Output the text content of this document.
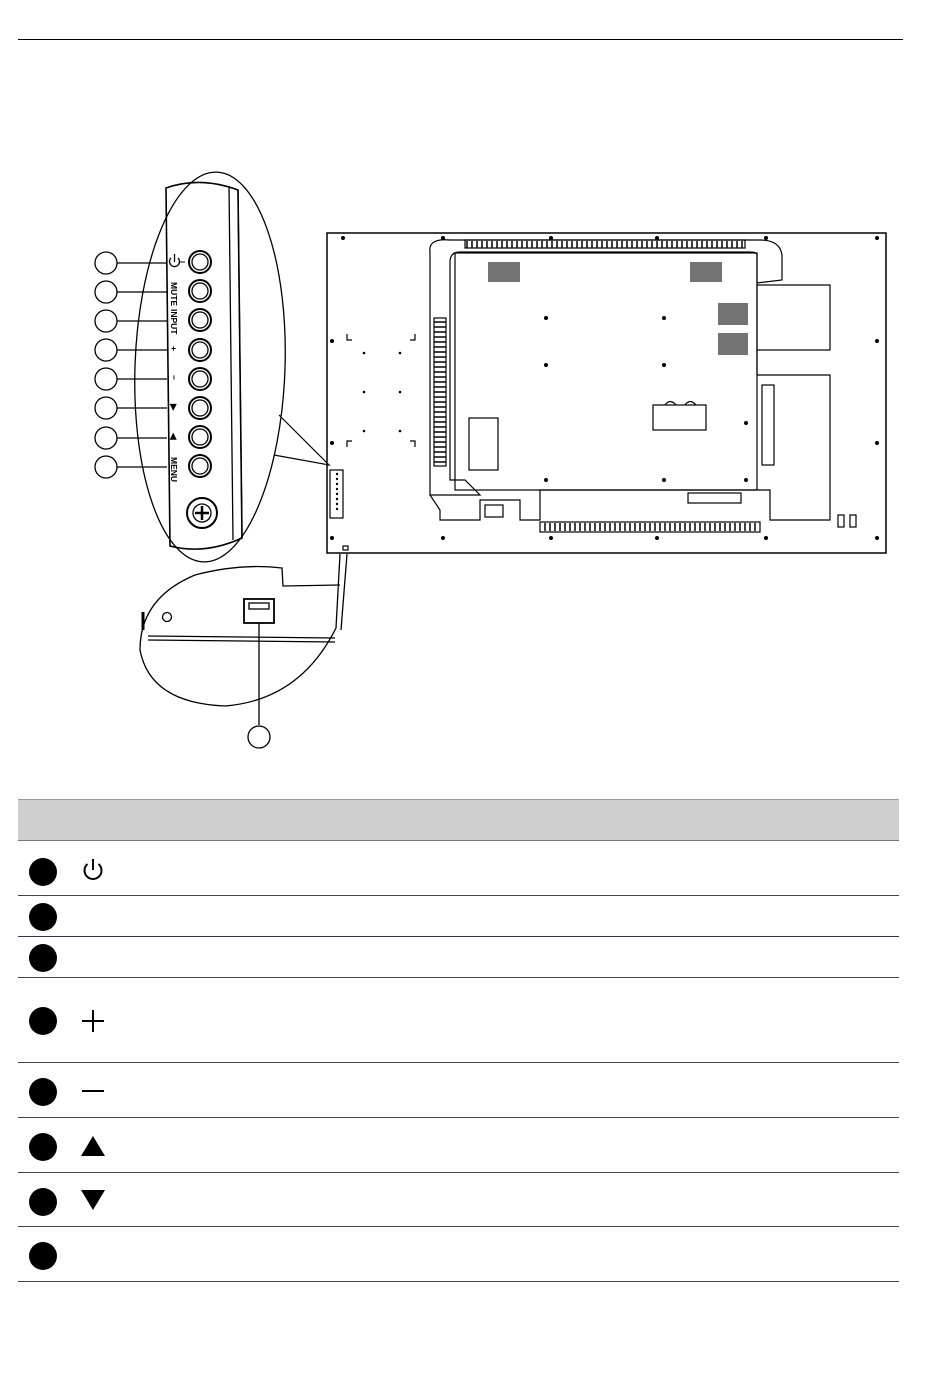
MUTE
INPUT
+
−
▶
◀
MENU
